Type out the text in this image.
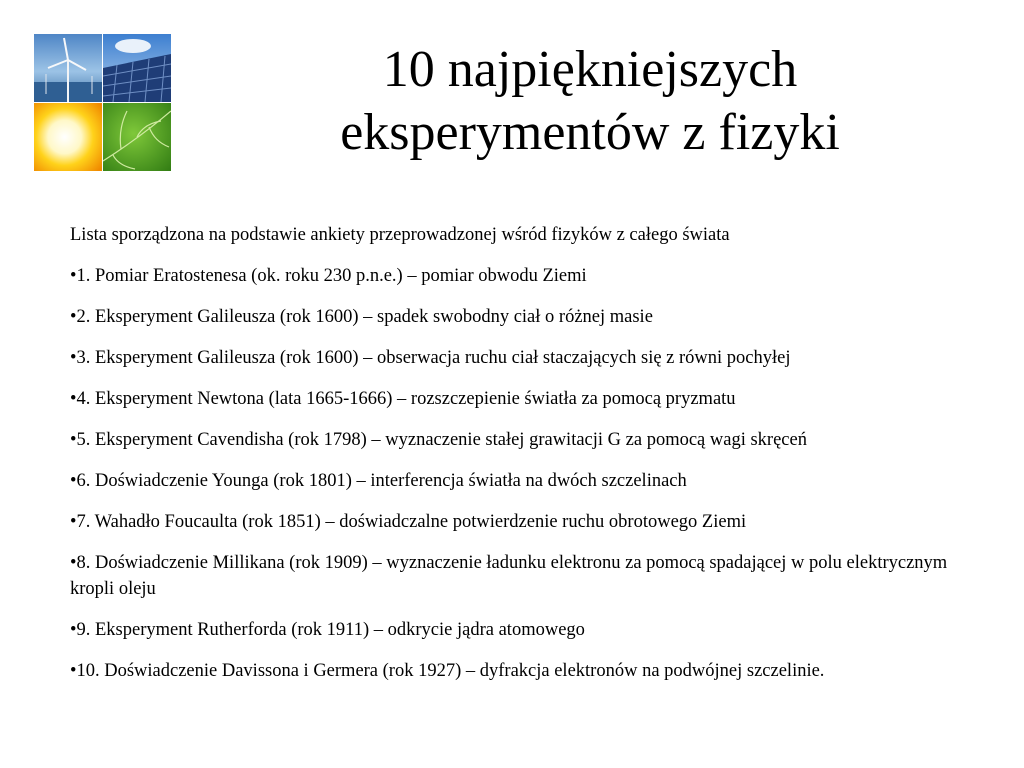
10 najpiękniejszych
eksperymentów z fizyki
Lista sporządzona na podstawie ankiety przeprowadzonej wśród fizyków z całego świata
•1. Pomiar Eratostenesa (ok. roku 230 p.n.e.) – pomiar obwodu Ziemi
•2. Eksperyment Galileusza (rok 1600) – spadek swobodny ciał o różnej masie
•3. Eksperyment Galileusza (rok 1600) – obserwacja ruchu ciał staczających się z równi pochyłej
•4. Eksperyment Newtona (lata 1665-1666) – rozszczepienie światła za pomocą pryzmatu
•5. Eksperyment Cavendisha (rok 1798) – wyznaczenie stałej grawitacji G za pomocą wagi skręceń
•6. Doświadczenie Younga (rok 1801) – interferencja światła na dwóch szczelinach
•7. Wahadło Foucaulta (rok 1851) – doświadczalne potwierdzenie ruchu obrotowego Ziemi
•8. Doświadczenie Millikana (rok 1909) – wyznaczenie ładunku elektronu za pomocą spadającej w polu elektrycznym kropli oleju
•9. Eksperyment Rutherforda (rok 1911) – odkrycie jądra atomowego
•10. Doświadczenie Davissona i Germera (rok 1927) – dyfrakcja elektronów na podwójnej szczelinie.
